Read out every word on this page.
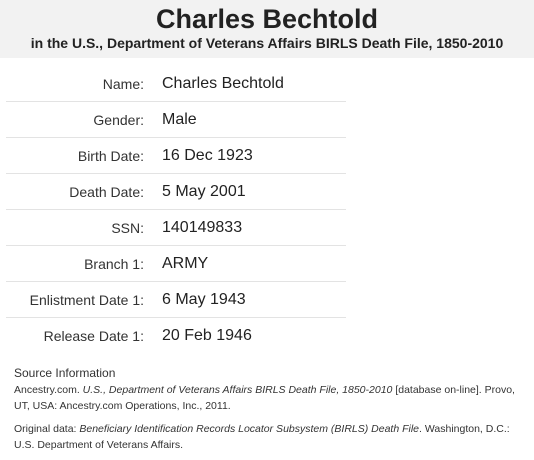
Charles Bechtold
in the U.S., Department of Veterans Affairs BIRLS Death File, 1850-2010
Name: Charles Bechtold
Gender: Male
Birth Date: 16 Dec 1923
Death Date: 5 May 2001
SSN: 140149833
Branch 1: ARMY
Enlistment Date 1: 6 May 1943
Release Date 1: 20 Feb 1946
Source Information

Ancestry.com. U.S., Department of Veterans Affairs BIRLS Death File, 1850-2010 [database on-line]. Provo, UT, USA: Ancestry.com Operations, Inc., 2011.

Original data: Beneficiary Identification Records Locator Subsystem (BIRLS) Death File. Washington, D.C.: U.S. Department of Veterans Affairs.
